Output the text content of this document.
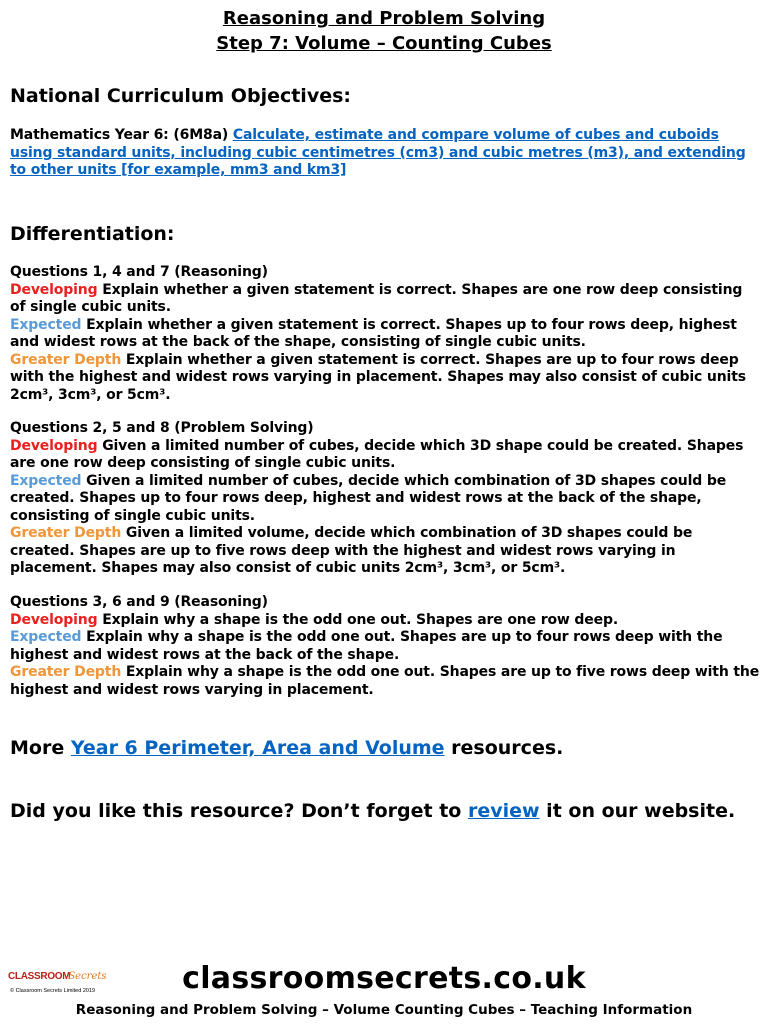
Reasoning and Problem Solving
Step 7: Volume – Counting Cubes
National Curriculum Objectives:
Mathematics Year 6: (6M8a) Calculate, estimate and compare volume of cubes and cuboids using standard units, including cubic centimetres (cm3) and cubic metres (m3), and extending to other units [for example, mm3 and km3]
Differentiation:
Questions 1, 4 and 7 (Reasoning)
Developing Explain whether a given statement is correct. Shapes are one row deep consisting of single cubic units.
Expected Explain whether a given statement is correct. Shapes up to four rows deep, highest and widest rows at the back of the shape, consisting of single cubic units.
Greater Depth Explain whether a given statement is correct. Shapes are up to four rows deep with the highest and widest rows varying in placement. Shapes may also consist of cubic units 2cm³, 3cm³, or 5cm³.
Questions 2, 5 and 8 (Problem Solving)
Developing Given a limited number of cubes, decide which 3D shape could be created. Shapes are one row deep consisting of single cubic units.
Expected Given a limited number of cubes, decide which combination of 3D shapes could be created. Shapes up to four rows deep, highest and widest rows at the back of the shape, consisting of single cubic units.
Greater Depth Given a limited volume, decide which combination of 3D shapes could be created. Shapes are up to five rows deep with the highest and widest rows varying in placement. Shapes may also consist of cubic units 2cm³, 3cm³, or 5cm³.
Questions 3, 6 and 9 (Reasoning)
Developing Explain why a shape is the odd one out. Shapes are one row deep.
Expected Explain why a shape is the odd one out. Shapes are up to four rows deep with the highest and widest rows at the back of the shape.
Greater Depth Explain why a shape is the odd one out. Shapes are up to five rows deep with the highest and widest rows varying in placement.
More Year 6 Perimeter, Area and Volume resources.
Did you like this resource? Don’t forget to review it on our website.
CLASSROOMSecrets
© Classroom Secrets Limited 2019	classroomsecrets.co.uk
Reasoning and Problem Solving – Volume Counting Cubes – Teaching Information
